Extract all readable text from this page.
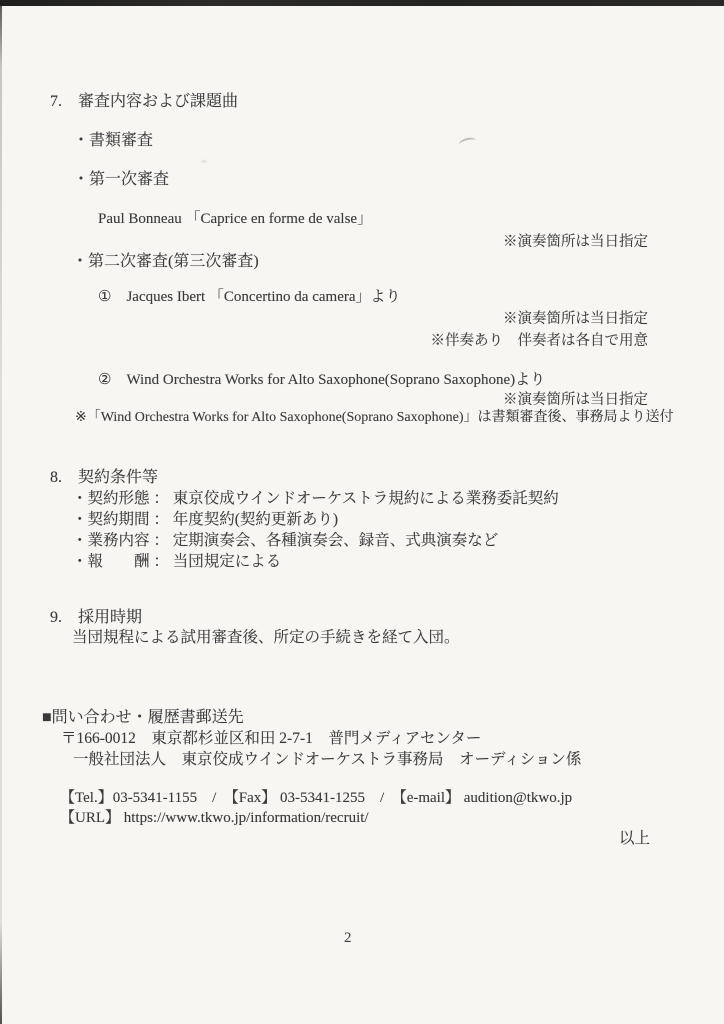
7.　審査内容および課題曲
・書類審査
・第一次審査
Paul Bonneau 「Caprice en forme de valse」
※演奏箇所は当日指定
・第二次審査(第三次審査)
①　Jacques Ibert 「Concertino da camera」より
※演奏箇所は当日指定
※伴奏あり　伴奏者は各自で用意
②　Wind Orchestra Works for Alto Saxophone(Soprano Saxophone)より
※演奏箇所は当日指定
※「Wind Orchestra Works for Alto Saxophone(Soprano Saxophone)」は書類審査後、事務局より送付
8.　契約条件等
・契約形態 ： 東京佼成ウインドオーケストラ規約による業務委託契約
・契約期間 ： 年度契約(契約更新あり)
・業務内容 ： 定期演奏会、各種演奏会、録音、式典演奏など
・報　　酬 ： 当団規定による
9.　採用時期
当団規程による試用審査後、所定の手続きを経て入団。
■問い合わせ・履歴書郵送先
〒166-0012　東京都杉並区和田 2-7-1　普門メディアセンター
一般社団法人　東京佼成ウインドオーケストラ事務局　オーディション係
【Tel.】03-5341-1155　/　【Fax】 03-5341-1255　/　【e-mail】 audition@tkwo.jp
【URL】 https://www.tkwo.jp/information/recruit/
以上
2
